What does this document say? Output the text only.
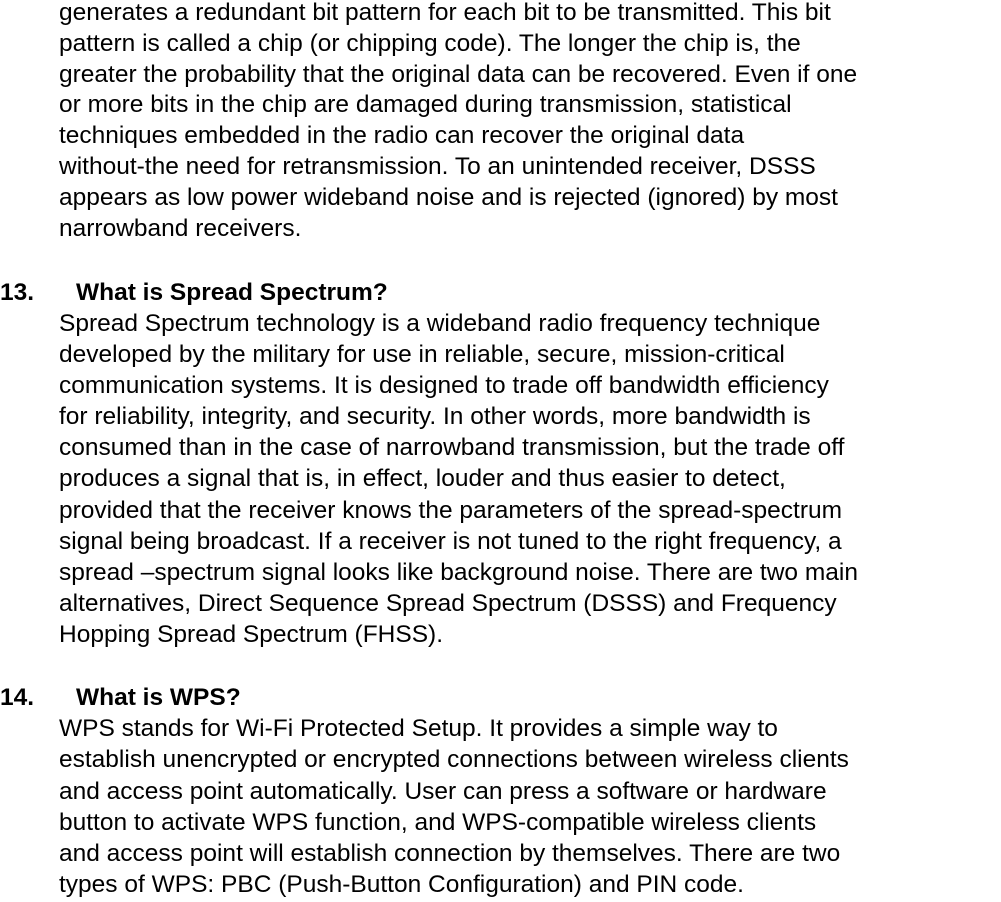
generates a redundant bit pattern for each bit to be transmitted. This bit
pattern is called a chip (or chipping code). The longer the chip is, the
greater the probability that the original data can be recovered. Even if one
or more bits in the chip are damaged during transmission, statistical
techniques embedded in the radio can recover the original data
without-the need for retransmission. To an unintended receiver, DSSS
appears as low power wideband noise and is rejected (ignored) by most
narrowband receivers.
13. What is Spread Spectrum?
Spread Spectrum technology is a wideband radio frequency technique
developed by the military for use in reliable, secure, mission-critical
communication systems. It is designed to trade off bandwidth efficiency
for reliability, integrity, and security. In other words, more bandwidth is
consumed than in the case of narrowband transmission, but the trade off
produces a signal that is, in effect, louder and thus easier to detect,
provided that the receiver knows the parameters of the spread-spectrum
signal being broadcast. If a receiver is not tuned to the right frequency, a
spread –spectrum signal looks like background noise. There are two main
alternatives, Direct Sequence Spread Spectrum (DSSS) and Frequency
Hopping Spread Spectrum (FHSS).
14. What is WPS?
WPS stands for Wi-Fi Protected Setup. It provides a simple way to
establish unencrypted or encrypted connections between wireless clients
and access point automatically. User can press a software or hardware
button to activate WPS function, and WPS-compatible wireless clients
and access point will establish connection by themselves. There are two
types of WPS: PBC (Push-Button Configuration) and PIN code.
